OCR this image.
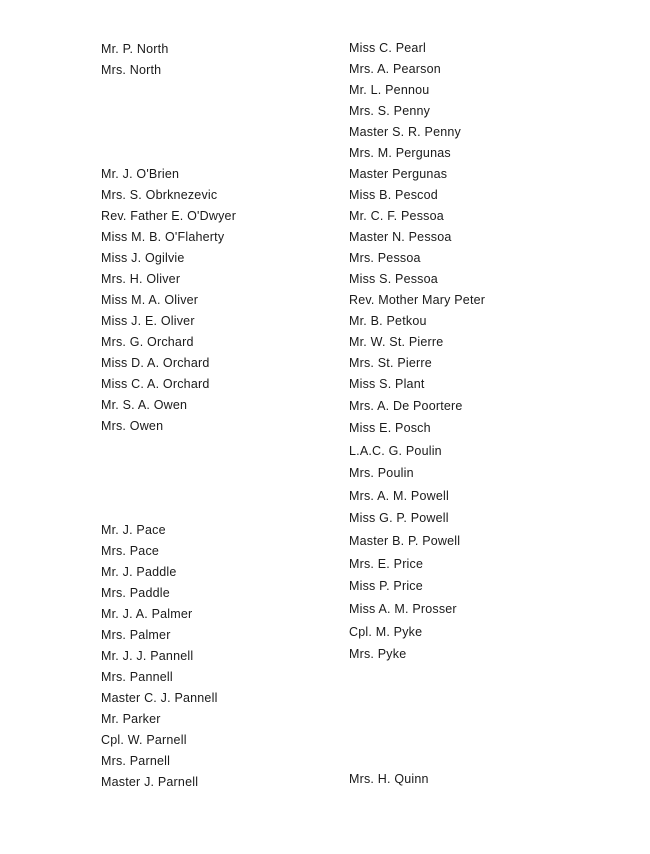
Mr. P. North
Mrs. North
Mr. J. O'Brien
Mrs. S. Obrknezevic
Rev. Father E. O'Dwyer
Miss M. B. O'Flaherty
Miss J. Ogilvie
Mrs. H. Oliver
Miss M. A. Oliver
Miss J. E. Oliver
Mrs. G. Orchard
Miss D. A. Orchard
Miss C. A. Orchard
Mr. S. A. Owen
Mrs. Owen
Mr. J. Pace
Mrs. Pace
Mr. J. Paddle
Mrs. Paddle
Mr. J. A. Palmer
Mrs. Palmer
Mr. J. J. Pannell
Mrs. Pannell
Master C. J. Pannell
Mr. Parker
Cpl. W. Parnell
Mrs. Parnell
Master J. Parnell
Miss C. Pearl
Mrs. A. Pearson
Mr. L. Pennou
Mrs. S. Penny
Master S. R. Penny
Mrs. M. Pergunas
Master Pergunas
Miss B. Pescod
Mr. C. F. Pessoa
Master N. Pessoa
Mrs. Pessoa
Miss S. Pessoa
Rev. Mother Mary Peter
Mr. B. Petkou
Mr. W. St. Pierre
Mrs. St. Pierre
Miss S. Plant
Mrs. A. De Poortere
Miss E. Posch
L.A.C. G. Poulin
Mrs. Poulin
Mrs. A. M. Powell
Miss G. P. Powell
Master B. P. Powell
Mrs. E. Price
Miss P. Price
Miss A. M. Prosser
Cpl. M. Pyke
Mrs. Pyke
Mrs. H. Quinn
